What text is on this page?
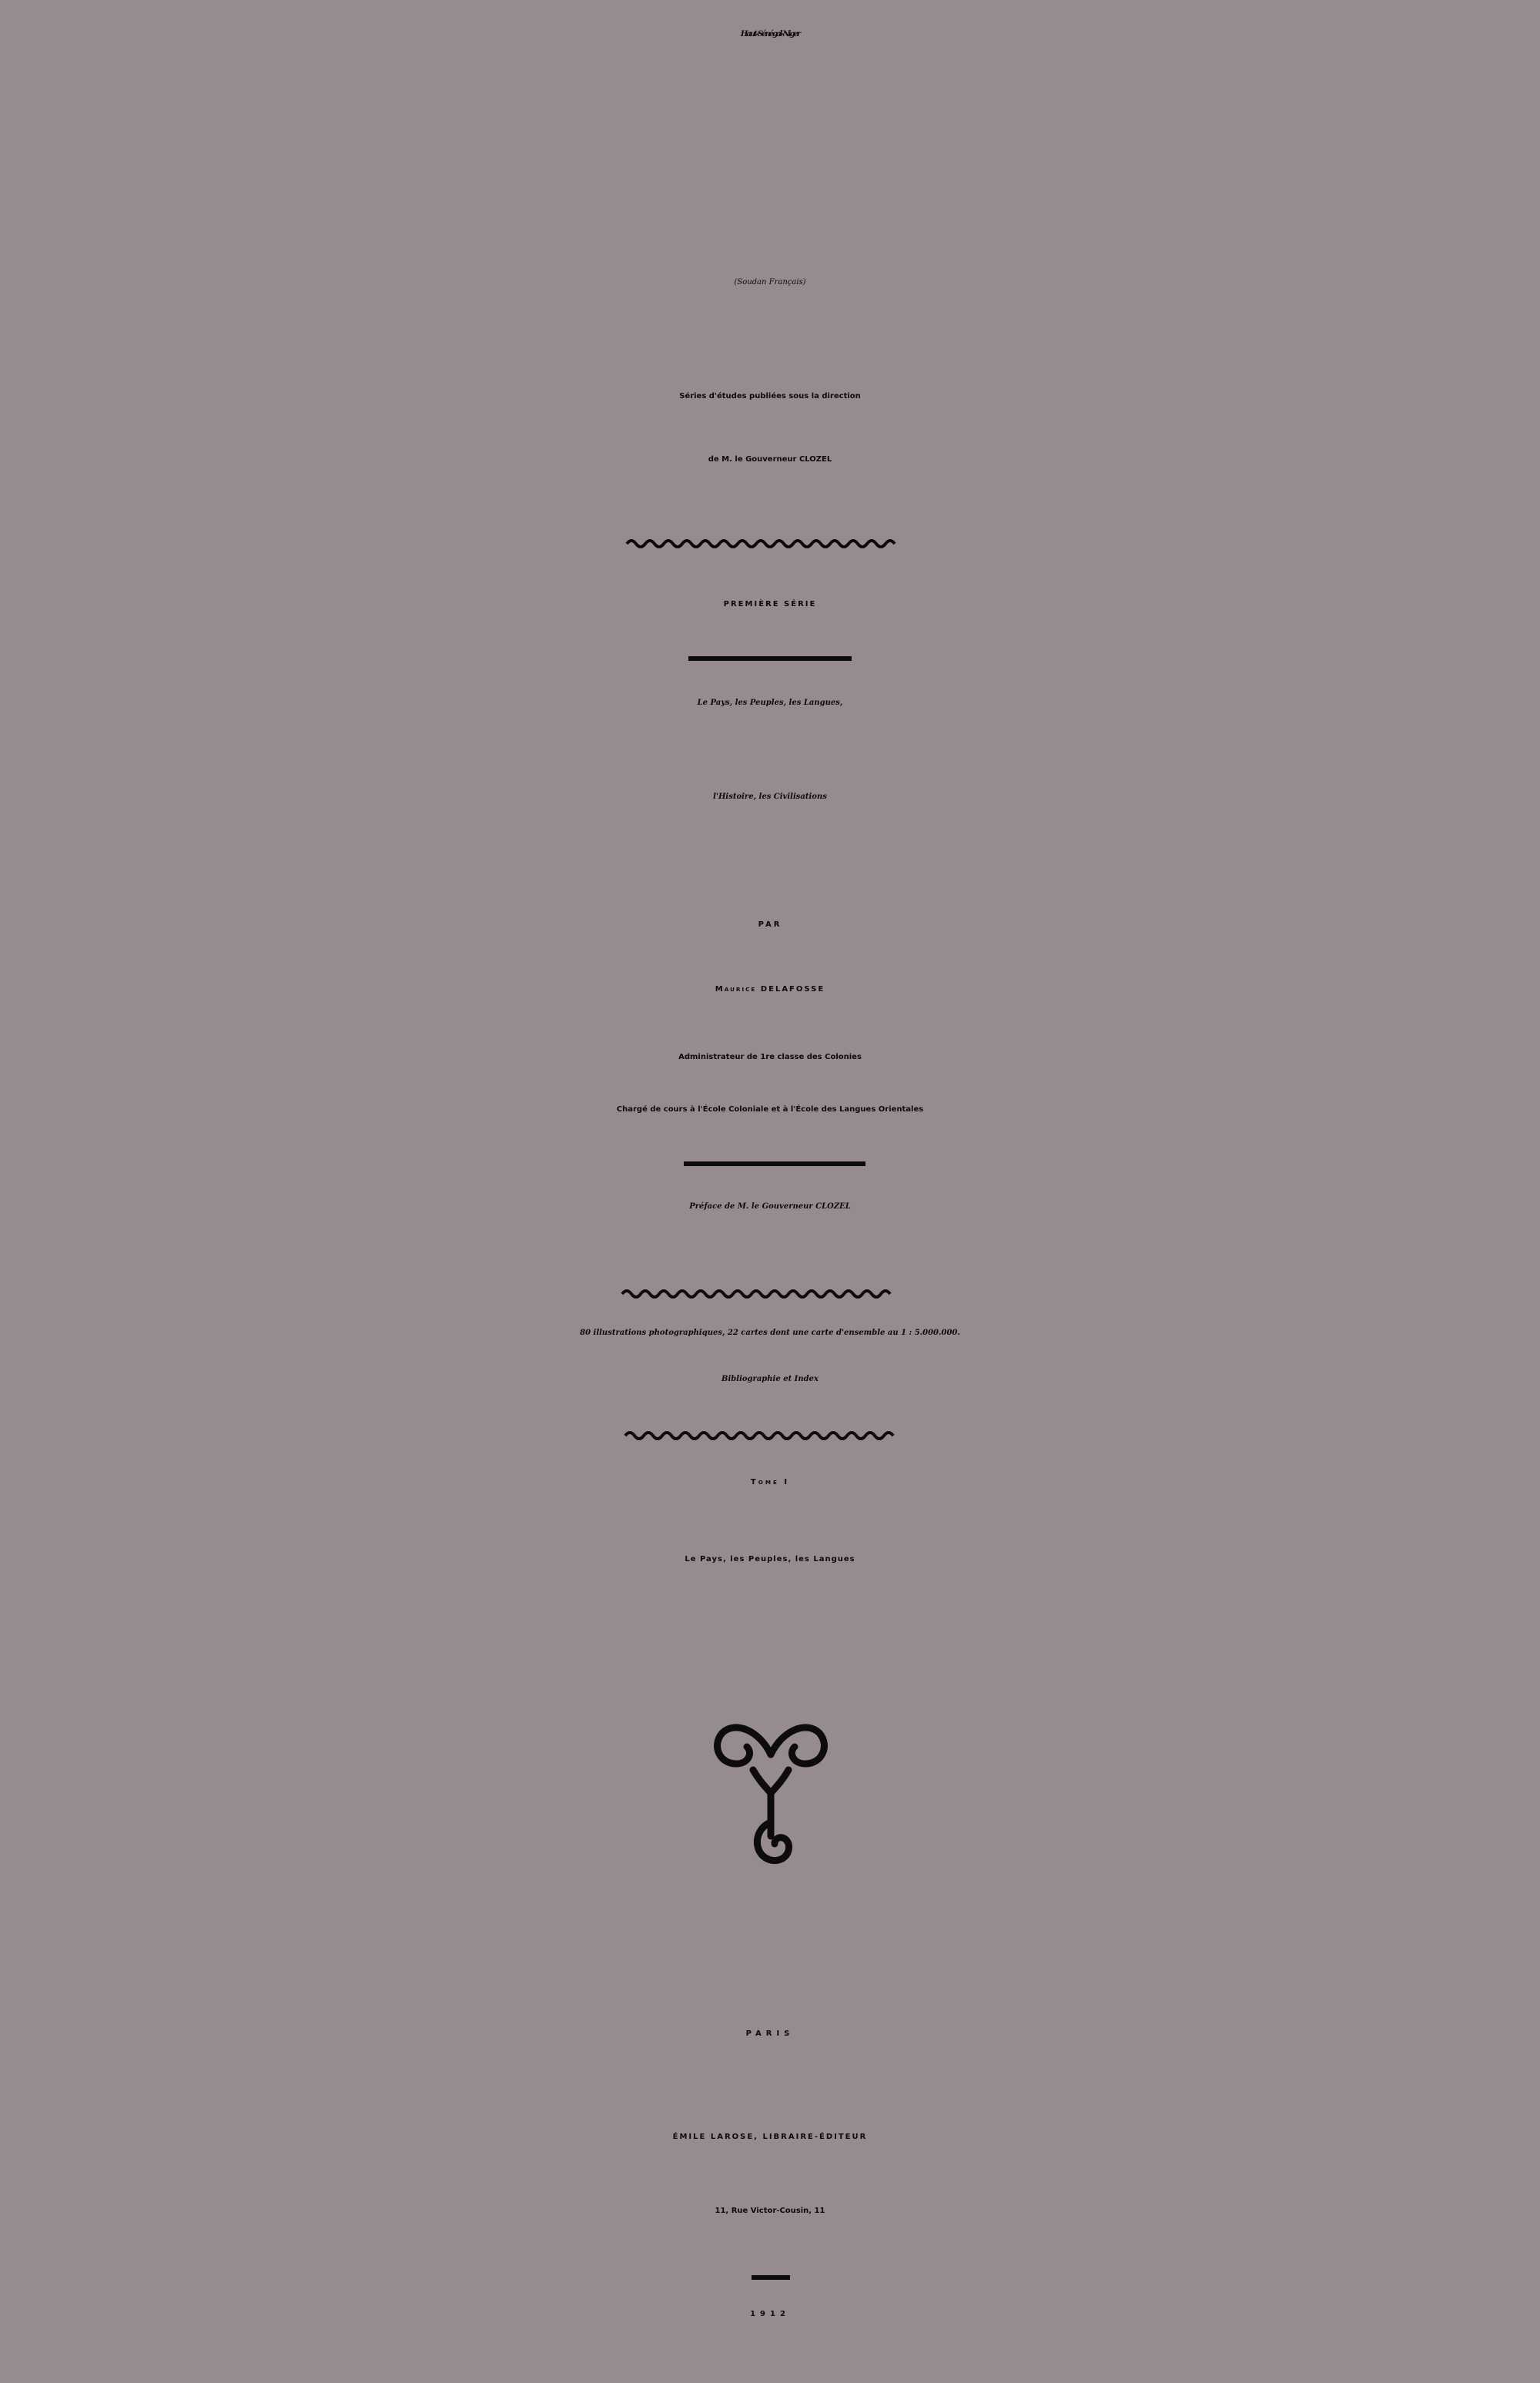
Haut-Sénégal-Niger

(Soudan Français)

Séries d'études publiées sous la direction

de M. le Gouverneur CLOZEL

PREMIÈRE SÉRIE

Le Pays, les Peuples, les Langues,

l'Histoire, les Civilisations

PAR

MAURICE DELAFOSSE

Administrateur de 1re classe des Colonies

Chargé de cours à l'École Coloniale et à l'École des Langues Orientales

Préface de M. le Gouverneur CLOZEL

80 illustrations photographiques, 22 cartes dont une carte d'ensemble au 1 : 5.000.000.

Bibliographie et Index

TOME I

Le Pays, les Peuples, les Langues

PARIS

ÉMILE LAROSE, LIBRAIRE-ÉDITEUR

11, Rue Victor-Cousin, 11

1912
